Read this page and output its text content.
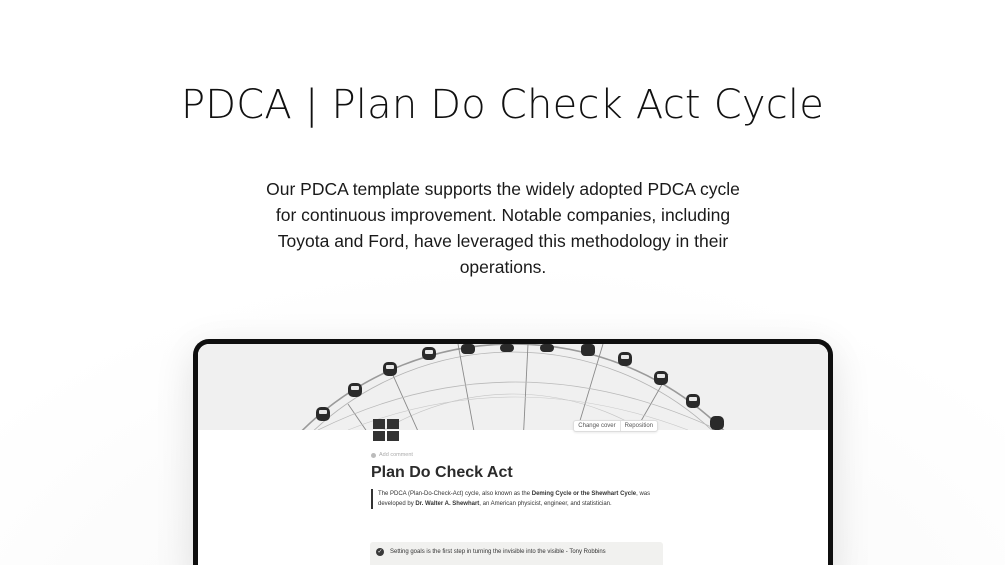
PDCA | Plan Do Check Act Cycle

Our PDCA template supports the widely adopted PDCA cycle for continuous improvement. Notable companies, including Toyota and Ford, have leveraged this methodology in their operations.

Change cover	Reposition
Add comment
Plan Do Check Act
The PDCA (Plan-Do-Check-Act) cycle, also known as the Deming Cycle or the Shewhart Cycle, was developed by Dr. Walter A. Shewhart, an American physicist, engineer, and statistician.
✓ Setting goals is the first step in turning the invisible into the visible - Tony Robbins
